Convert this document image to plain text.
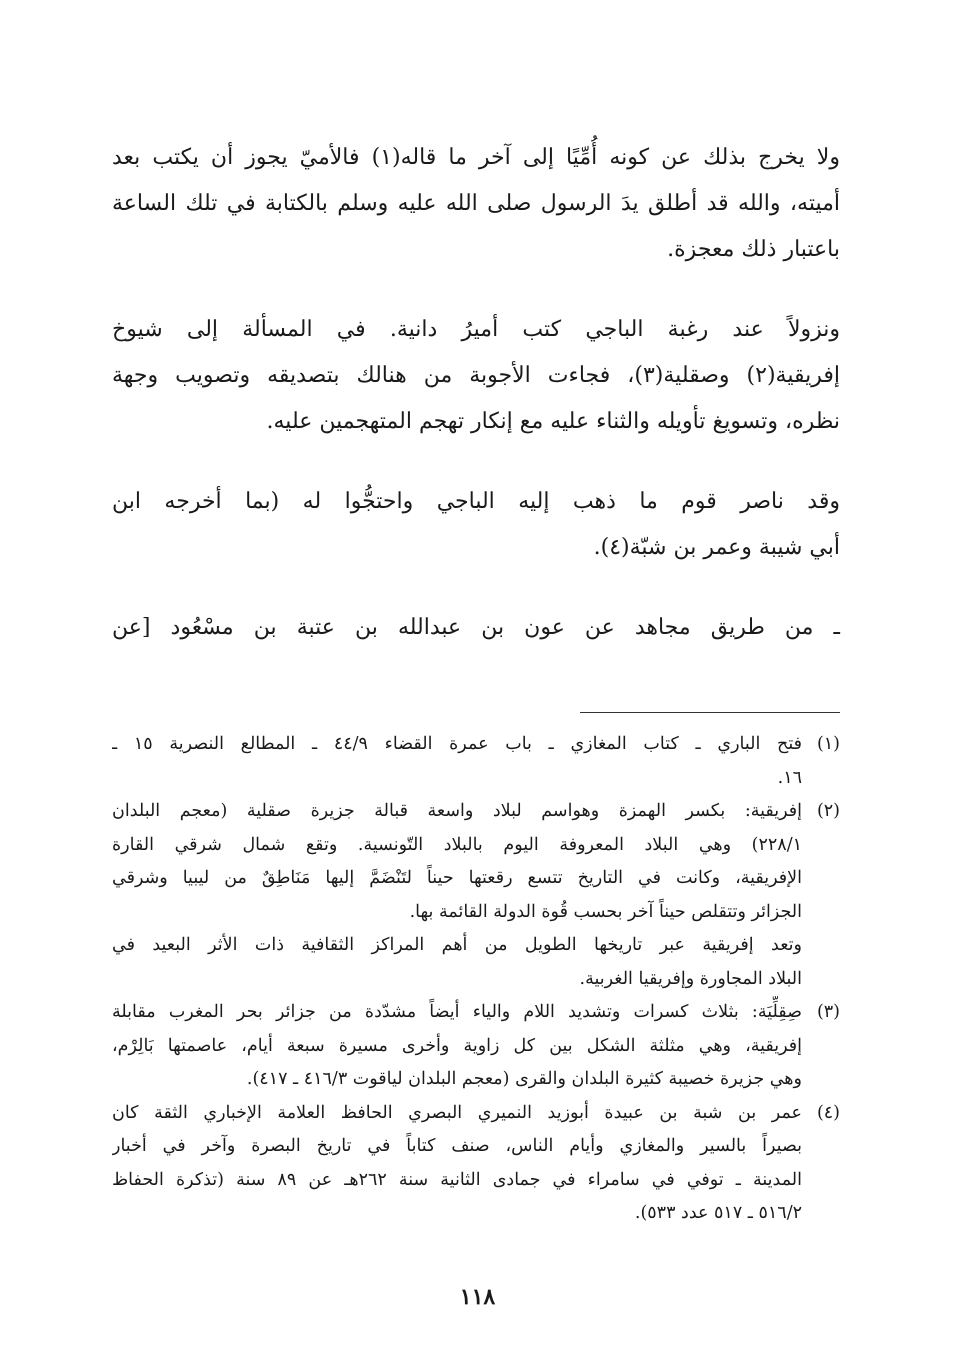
ولا يخرج بذلك عن كونه أُمِّيًا إلى آخر ما قاله(١) فالأميّ يجوز أن يكتب بعد
أميته، والله قد أطلق يدَ الرسول صلى الله عليه وسلم بالكتابة في تلك الساعة
باعتبار ذلك معجزة.
ونزولاً عند رغبة الباجي كتب أميرُ دانية. في المسألة إلى شيوخ
إفريقية(٢) وصقلية(٣)، فجاءت الأجوبة من هنالك بتصديقه وتصويب وجهة
نظره، وتسويغ تأويله والثناء عليه مع إنكار تهجم المتهجمين عليه.
وقد ناصر قوم ما ذهب إليه الباجي واحتجُّوا له (بما أخرجه ابن
أبي شيبة وعمر بن شبّة(٤).
ـ من طريق مجاهد عن عون بن عبدالله بن عتبة بن مسْعُود [عن
(١)
فتح الباري ـ كتاب المغازي ـ باب عمرة القضاء ٤٤/٩ ـ المطالع النصرية ١٥ ـ
١٦.
(٢)
إفريقية: بكسر الهمزة وهواسم لبلاد واسعة قبالة جزيرة صقلية (معجم البلدان
٢٢٨/١) وهي البلاد المعروفة اليوم بالبلاد التّونسية. وتقع شمال شرقي القارة
الإفريقية، وكانت في التاريخ تتسع رقعتها حيناً لتَنْضَمَّ إليها مَنَاطِقٌ من ليبيا وشرقي
الجزائر وتتقلص حيناً آخر بحسب قُوة الدولة القائمة بها.
وتعد إفريقية عبر تاريخها الطويل من أهم المراكز الثقافية ذات الأثر البعيد في
البلاد المجاورة وإفريقيا الغربية.
(٣)
صِقِلِّيَة: بثلاث كسرات وتشديد اللام والياء أيضاً مشدّدة من جزائر بحر المغرب مقابلة
إفريقية، وهي مثلثة الشكل بين كل زاوية وأخرى مسيرة سبعة أيام، عاصمتها بَالِرْم،
وهي جزيرة خصيبة كثيرة البلدان والقرى (معجم البلدان لياقوت ٤١٦/٣ ـ ٤١٧).
(٤)
عمر بن شبة بن عبيدة أبوزيد النميري البصري الحافظ العلامة الإخباري الثقة كان
بصيراً بالسير والمغازي وأيام الناس، صنف كتاباً في تاريخ البصرة وآخر في أخبار
المدينة ـ توفي في سامراء في جمادى الثانية سنة ٢٦٢هـ عن ٨٩ سنة (تذكرة الحفاظ
٥١٦/٢ ـ ٥١٧ عدد ٥٣٣).
١١٨
